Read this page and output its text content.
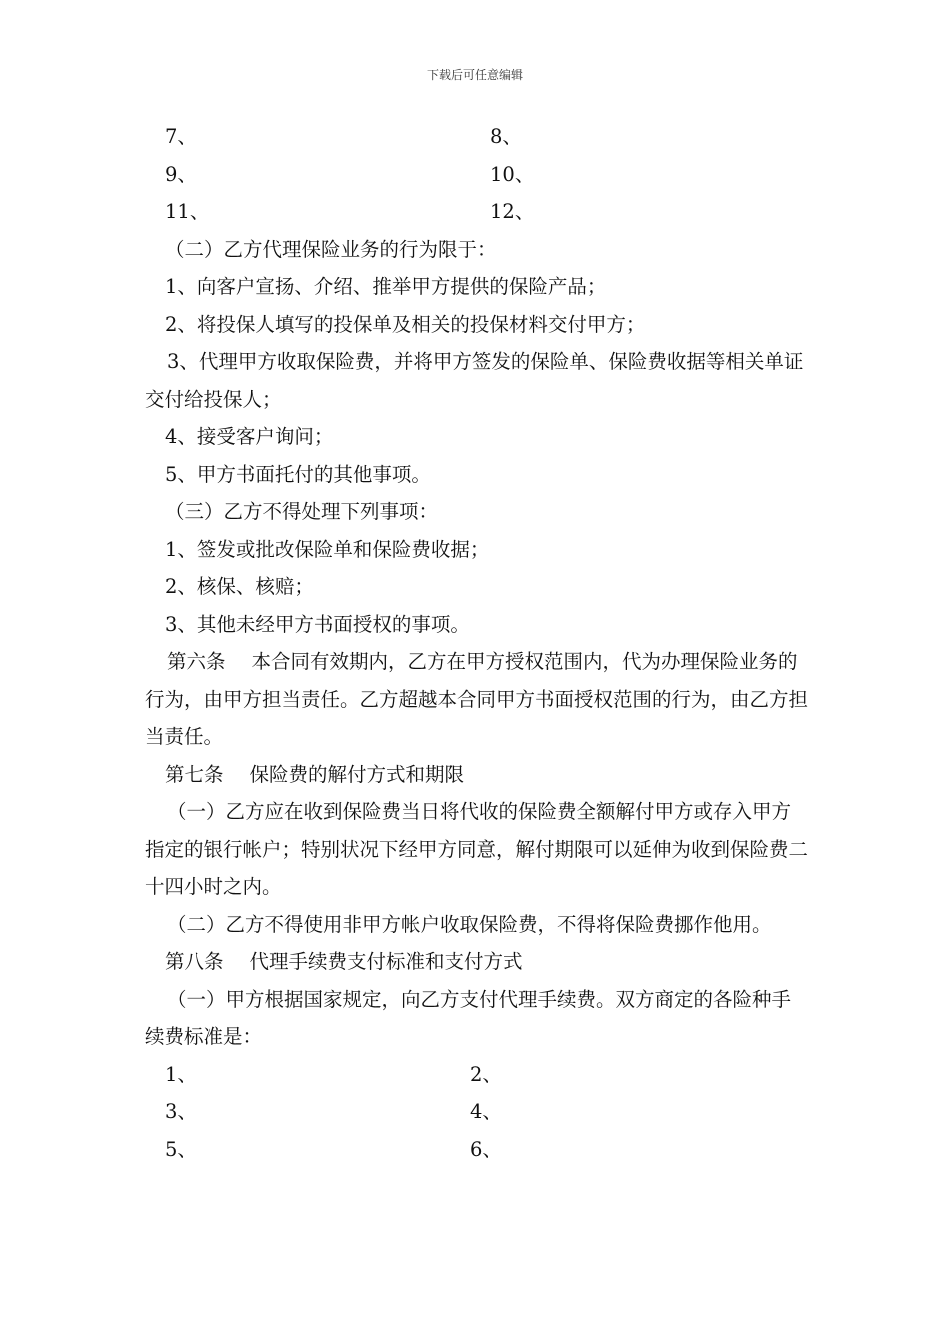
下载后可任意编辑
7、	8、
9、	10、
11、	12、

（二）乙方代理保险业务的行为限于：

1、向客户宣扬、介绍、推举甲方提供的保险产品；

2、将投保人填写的投保单及相关的投保材料交付甲方；

3、代理甲方收取保险费，并将甲方签发的保险单、保险费收据等相关单证交付给投保人；

4、接受客户询问；

5、甲方书面托付的其他事项。

（三）乙方不得处理下列事项：

1、签发或批改保险单和保险费收据；

2、核保、核赔；

3、其他未经甲方书面授权的事项。

第六条 本合同有效期内，乙方在甲方授权范围内，代为办理保险业务的行为，由甲方担当责任。乙方超越本合同甲方书面授权范围的行为，由乙方担当责任。

第七条 保险费的解付方式和期限

（一）乙方应在收到保险费当日将代收的保险费全额解付甲方或存入甲方指定的银行帐户；特别状况下经甲方同意，解付期限可以延伸为收到保险费二十四小时之内。

（二）乙方不得使用非甲方帐户收取保险费，不得将保险费挪作他用。

第八条 代理手续费支付标准和支付方式

（一）甲方根据国家规定，向乙方支付代理手续费。双方商定的各险种手续费标准是：

1、	2、
3、	4、
5、	6、
